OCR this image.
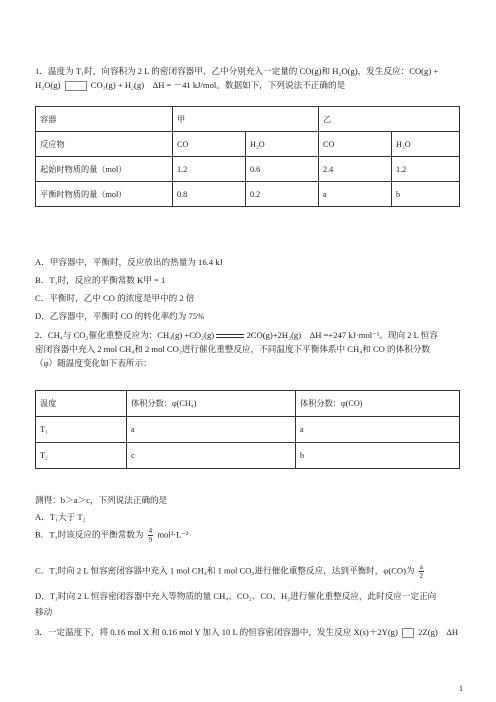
1．温度为 T₁时，向容积为 2 L 的密闭容器甲、乙中分别充入一定量的 CO(g)和 H₂O(g)，发生反应：CO(g) +
H₂O(g)	CO₂(g) + H₂(g)　ΔH = －41 kJ/mol。数据如下，下列说法不正确的是
容器	甲		乙	
反应物	CO	H₂O	CO	H₂O
起始时物质的量（mol）	1.2	0.6	2.4	1.2
平衡时物质的量（mol）	0.8	0.2	a	b
A．甲容器中，平衡时，反应放出的热量为 16.4 kJ
B．T₁时，反应的平衡常数 K甲 = 1
C．平衡时，乙中 CO 的浓度是甲中的 2 倍
D．乙容器中，平衡时 CO 的转化率约为 75%
2．CH₄与 CO₂催化重整反应为：CH₄(g) +CO₂(g)	2CO(g)+2H₂(g)　ΔH =+247 kJ·mol⁻¹。现向 2 L 恒容
密闭容器中充入 2 mol CH₄和 2 mol CO₂进行催化重整反应，不同温度下平衡体系中 CH₄和 CO 的体积分数
（φ）随温度变化如下表所示：
温度	体积分数：φ(CH₄)	体积分数：φ(CO)
T₁	a	a
T₂	c	b
测得：b＞a＞c，下列说法正确的是
A．T₁大于 T₂
B．T₁时该反应的平衡常数为 $\frac{4}{9} mol^2\cdot L^{-2}$
C．T₁时向 2 L 恒容密闭容器中充入 1 mol CH₄和 1 mol CO₂进行催化重整反应，达到平衡时，φ(CO)为 $\frac{a}{2}$
D．T₁时向 2 L 恒容密闭容器中充入等物质的量 CH₄、CO₂、CO、H₂进行催化重整反应，此时反应一定正向
移动
3．一定温度下，将 0.16 mol X 和 0.16 mol Y 加入 10 L 的恒容密闭容器中，发生反应 X(s)＋2Y(g) 2Z(g)　ΔH
1
